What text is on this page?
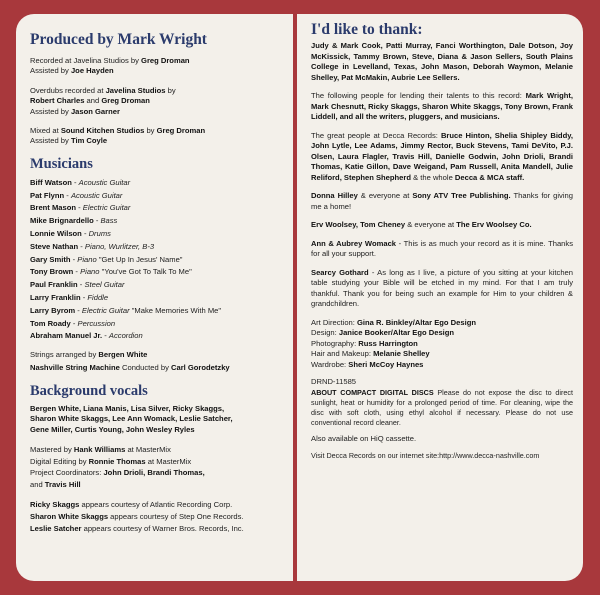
Produced by Mark Wright
Recorded at Javelina Studios by Greg Droman
Assisted by Joe Hayden
Overdubs recorded at Javelina Studios by
Robert Charles and Greg Droman
Assisted by Jason Garner
Mixed at Sound Kitchen Studios by Greg Droman
Assisted by Tim Coyle
Musicians
Biff Watson - Acoustic Guitar
Pat Flynn - Acoustic Guitar
Brent Mason - Electric Guitar
Mike Brignardello - Bass
Lonnie Wilson - Drums
Steve Nathan - Piano, Wurlitzer, B-3
Gary Smith - Piano "Get Up In Jesus' Name"
Tony Brown - Piano "You've Got To Talk To Me"
Paul Franklin - Steel Guitar
Larry Franklin - Fiddle
Larry Byrom - Electric Guitar "Make Memories With Me"
Tom Roady - Percussion
Abraham Manuel Jr. - Accordion
Strings arranged by Bergen White
Nashville String Machine Conducted by Carl Gorodetzky
Background vocals
Bergen White, Liana Manis, Lisa Silver, Ricky Skaggs,
Sharon White Skaggs, Lee Ann Womack, Leslie Satcher,
Gene Miller, Curtis Young, John Wesley Ryles
Mastered by Hank Williams at MasterMix
Digital Editing by Ronnie Thomas at MasterMix
Project Coordinators: John Drioli, Brandi Thomas,
and Travis Hill
Ricky Skaggs appears courtesy of Atlantic Recording Corp.
Sharon White Skaggs appears courtesy of Step One Records.
Leslie Satcher appears courtesy of Warner Bros. Records, Inc.
I'd like to thank:

Judy & Mark Cook, Patti Murray, Fanci Worthington, Dale Dotson, Joy McKissick, Tammy Brown, Steve, Diana & Jason Sellers, South Plains College in Levelland, Texas, John Mason, Deborah Waymon, Melanie Shelley, Pat McMakin, Aubrie Lee Sellers.

The following people for lending their talents to this record: Mark Wright, Mark Chesnutt, Ricky Skaggs, Sharon White Skaggs, Tony Brown, Frank Liddell, and all the writers, pluggers, and musicians.

The great people at Decca Records: Bruce Hinton, Shelia Shipley Biddy, John Lytle, Lee Adams, Jimmy Rector, Buck Stevens, Tami DeVito, P.J. Olsen, Laura Flagler, Travis Hill, Danielle Godwin, John Drioli, Brandi Thomas, Katie Gillon, Dave Weigand, Pam Russell, Anita Mandell, Julie Reliford, Stephen Shepherd & the whole Decca & MCA staff.

Donna Hilley & everyone at Sony ATV Tree Publishing. Thanks for giving me a home!

Erv Woolsey, Tom Cheney & everyone at The Erv Woolsey Co.

Ann & Aubrey Womack - This is as much your record as it is mine. Thanks for all your support.

Searcy Gothard - As long as I live, a picture of you sitting at your kitchen table studying your Bible will be etched in my mind. For that I am truly thankful. Thank you for being such an example for Him to your children & grandchildren.

Art Direction: Gina R. Binkley/Altar Ego Design
Design: Janice Booker/Altar Ego Design
Photography: Russ Harrington
Hair and Makeup: Melanie Shelley
Wardrobe: Sheri McCoy Haynes
DRND-11585

ABOUT COMPACT DIGITAL DISCS Please do not expose the disc to direct sunlight, heat or humidity for a prolonged period of time. For cleaning, wipe the disc with soft cloth, using ethyl alcohol if necessary. Please do not use conventional record cleaner.

Also available on HiQ cassette.
Visit Decca Records on our internet site:http://www.decca-nashville.com
